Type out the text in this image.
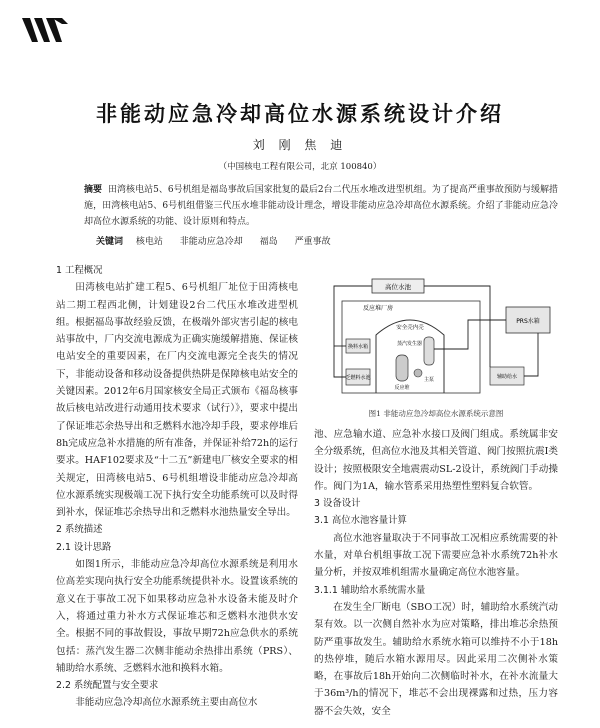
非能动应急冷却高位水源系统设计介绍
刘 刚 焦 迪
（中国核电工程有限公司，北京 100840）
摘要 田湾核电站5、6号机组是福岛事故后国家批复的最后2台二代压水堆改进型机组。为了提高严重事故预防与缓解措施，田湾核电站5、6号机组借鉴三代压水堆非能动设计理念，增设非能动应急冷却高位水源系统。介绍了非能动应急冷却高位水源系统的功能、设计原则和特点。
关键词 核电站 非能动应急冷却 福岛 严重事故
1 工程概况

田湾核电站扩建工程5、6号机组厂址位于田湾核电站二期工程西北侧，计划建设2台二代压水堆改进型机组。根据福岛事故经验反馈，在极端外部灾害引起的核电站事故中，厂内交流电源成为正确实施缓解措施、保证核电站安全的重要因素，在厂内交流电源完全丧失的情况下，非能动设备和移动设备提供热阱是保障核电站安全的关键因素。2012年6月国家核安全局正式颁布《福岛核事故后核电站改进行动通用技术要求（试行）》，要求中提出了保证堆芯余热导出和乏燃料水池冷却手段，要求停堆后8h完成应急补水措施的所有准备，并保证补给72h的运行要求。HAF102要求及“十二五”新建电厂核安全要求的相关规定，田湾核电站5、6号机组增设非能动应急冷却高位水源系统实现极端工况下执行安全功能系统可以及时得到补水，保证堆芯余热导出和乏燃料水池热量安全导出。

2 系统描述
2.1 设计思路

如图1所示，非能动应急冷却高位水源系统是利用水位高差实现向执行安全功能系统提供补水。设置该系统的意义在于事故工况下如果移动应急补水设备未能及时介入，将通过重力补水方式保证堆芯和乏燃料水池供水安全。根据不同的事故假设，事故早期72h应急供水的系统包括：蒸汽发生器二次侧非能动余热排出系统（PRS）、辅助给水系统、乏燃料水池和换料水箱。

2.2 系统配置与安全要求

非能动应急冷却高位水源系统主要由高位水

高位水池
反应堆厂房
安全壳内壳
蒸汽发生器
反应堆
主泵
乏燃料水池
换料水箱
PRS水箱
辅助给水
图1 非能动应急冷却高位水源系统示意图
池、应急输水道、应急补水接口及阀门组成。系统属非安全分级系统，但高位水池及其相关管道、阀门按照抗震Ⅰ类设计；按照极限安全地震震动SL-2设计，系统阀门手动操作。阀门为1A，输水管系采用热塑性塑料复合软管。
3 设备设计
3.1 高位水池容量计算

高位水池容量取决于不同事故工况相应系统需要的补水量，对单台机组事故工况下需要应急补水系统72h补水量分析，并按双堆机组需水量确定高位水池容量。

3.1.1 辅助给水系统需水量

在发生全厂断电（SBO工况）时，辅助给水系统汽动泵有效。以一次侧自然补水为应对策略，排出堆芯余热预防严重事故发生。辅助给水系统水箱可以维持不小于18h的热停堆，随后水箱水源用尽。因此采用二次侧补水策略，在事故后18h开始向二次侧临时补水，在补水流量大于36m³/h的情况下，堆芯不会出现裸露和过热，压力容器不会失效，安全
